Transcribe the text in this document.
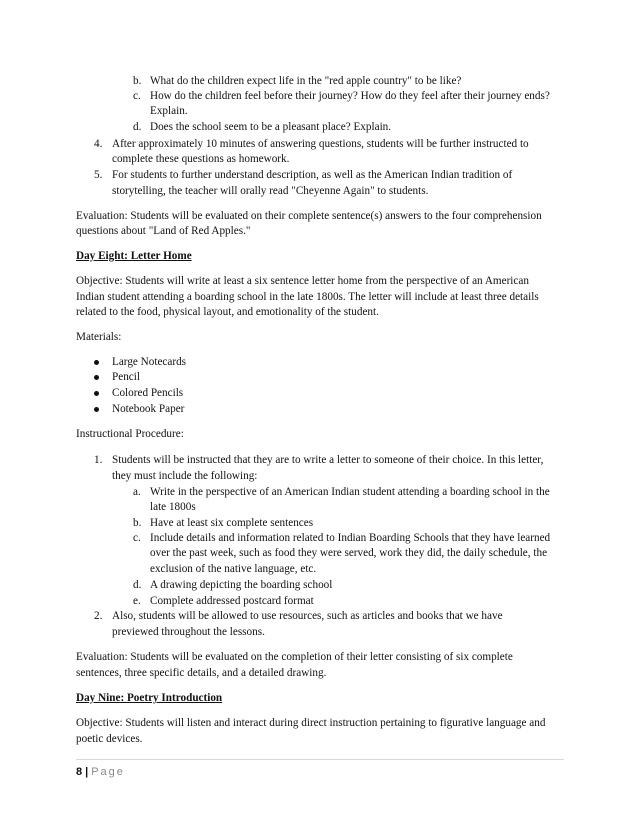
b. What do the children expect life in the "red apple country" to be like?
c. How do the children feel before their journey? How do they feel after their journey ends?
Explain.
d. Does the school seem to be a pleasant place? Explain.
4. After approximately 10 minutes of answering questions, students will be further instructed to
complete these questions as homework.
5. For students to further understand description, as well as the American Indian tradition of
storytelling, the teacher will orally read "Cheyenne Again" to students.
Evaluation: Students will be evaluated on their complete sentence(s) answers to the four comprehension
questions about "Land of Red Apples."
Day Eight: Letter Home
Objective: Students will write at least a six sentence letter home from the perspective of an American
Indian student attending a boarding school in the late 1800s. The letter will include at least three details
related to the food, physical layout, and emotionality of the student.
Materials:
Large Notecards
Pencil
Colored Pencils
Notebook Paper
Instructional Procedure:
1. Students will be instructed that they are to write a letter to someone of their choice. In this letter,
they must include the following:
a. Write in the perspective of an American Indian student attending a boarding school in the
late 1800s
b. Have at least six complete sentences
c. Include details and information related to Indian Boarding Schools that they have learned
over the past week, such as food they were served, work they did, the daily schedule, the
exclusion of the native language, etc.
d. A drawing depicting the boarding school
e. Complete addressed postcard format
2. Also, students will be allowed to use resources, such as articles and books that we have
previewed throughout the lessons.
Evaluation: Students will be evaluated on the completion of their letter consisting of six complete
sentences, three specific details, and a detailed drawing.
Day Nine: Poetry Introduction
Objective: Students will listen and interact during direct instruction pertaining to figurative language and
poetic devices.
8 | Page
